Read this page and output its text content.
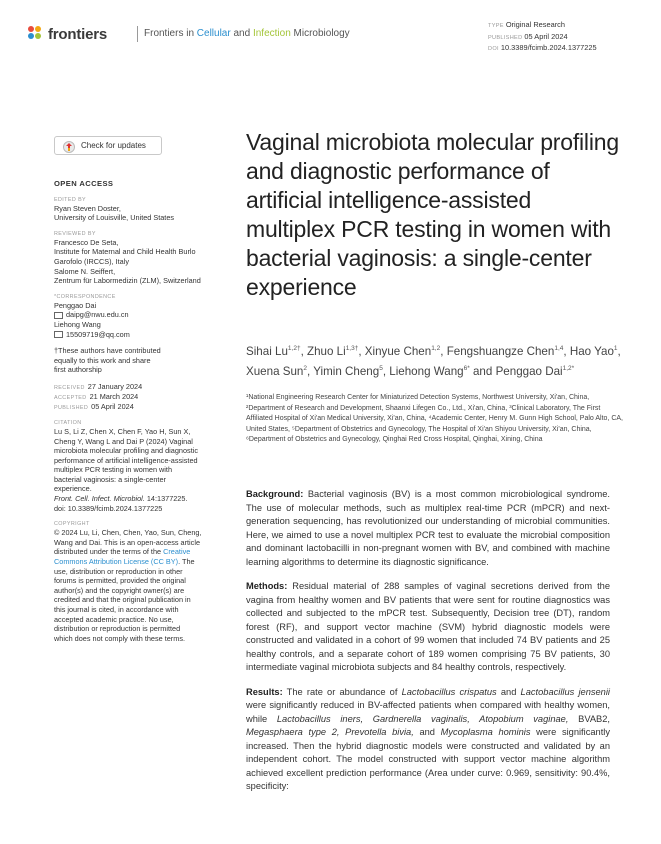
frontiers	Frontiers in Cellular and Infection Microbiology
TYPE Original Research
PUBLISHED 05 April 2024
DOI 10.3389/fcimb.2024.1377225
Check for updates
OPEN ACCESS
EDITED BY
Ryan Steven Doster,
University of Louisville, United States
REVIEWED BY
Francesco De Seta,
Institute for Maternal and Child Health Burlo
Garofolo (IRCCS), Italy
Salome N. Seiffert,
Zentrum für Labormedizin (ZLM), Switzerland
*CORRESPONDENCE
Penggao Dai
daipg@nwu.edu.cn
Liehong Wang
15509719@qq.com
†These authors have contributed
equally to this work and share
first authorship
RECEIVED 27 January 2024
ACCEPTED 21 March 2024
PUBLISHED 05 April 2024
CITATION
Lu S, Li Z, Chen X, Chen F, Yao H, Sun X,
Cheng Y, Wang L and Dai P (2024) Vaginal
microbiota molecular profiling and diagnostic
performance of artificial intelligence-assisted
multiplex PCR testing in women with
bacterial vaginosis: a single-center
experience.
Front. Cell. Infect. Microbiol. 14:1377225.
doi: 10.3389/fcimb.2024.1377225
COPYRIGHT
© 2024 Lu, Li, Chen, Chen, Yao, Sun, Cheng,
Wang and Dai. This is an open-access article
distributed under the terms of the Creative
Commons Attribution License (CC BY). The
use, distribution or reproduction in other
forums is permitted, provided the original
author(s) and the copyright owner(s) are
credited and that the original publication in
this journal is cited, in accordance with
accepted academic practice. No use,
distribution or reproduction is permitted
which does not comply with these terms.
Vaginal microbiota molecular profiling and diagnostic performance of artificial intelligence-assisted multiplex PCR testing in women with bacterial vaginosis: a single-center experience
Sihai $Lu^{1,2\dagger}$, Zhuo $Li^{1,3\dagger}$, Xinyue Chen$^{1,2}$, Fengshuangze Chen$^{1,4}$, Hao Yao$^1$, Xuena Sun$^2$, Yimin Cheng$^5$, Liehong Wang$^{6*}$ and Penggao Dai$^{1,2*}$
¹National Engineering Research Center for Miniaturized Detection Systems, Northwest University, Xi'an, China, ²Department of Research and Development, Shaanxi Lifegen Co., Ltd., Xi'an, China, ³Clinical Laboratory, The First Affiliated Hospital of Xi'an Medical University, Xi'an, China, ⁴Academic Center, Henry M. Gunn High School, Palo Alto, CA, United States, ⁵Department of Obstetrics and Gynecology, The Hospital of Xi'an Shiyou University, Xi'an, China, ⁶Department of Obstetrics and Gynecology, Qinghai Red Cross Hospital, Qinghai, Xining, China

Background: Bacterial vaginosis (BV) is a most common microbiological syndrome. The use of molecular methods, such as multiplex real-time PCR (mPCR) and next-generation sequencing, has revolutionized our understanding of microbial communities. Here, we aimed to use a novel multiplex PCR test to evaluate the microbial composition and dominant lactobacilli in non-pregnant women with BV, and combined with machine learning algorithms to determine its diagnostic significance.

Methods: Residual material of 288 samples of vaginal secretions derived from the vagina from healthy women and BV patients that were sent for routine diagnostics was collected and subjected to the mPCR test. Subsequently, Decision tree (DT), random forest (RF), and support vector machine (SVM) hybrid diagnostic models were constructed and validated in a cohort of 99 women that included 74 BV patients and 25 healthy controls, and a separate cohort of 189 women comprising 75 BV patients, 30 intermediate vaginal microbiota subjects and 84 healthy controls, respectively.

Results: The rate or abundance of Lactobacillus crispatus and Lactobacillus jensenii were significantly reduced in BV-affected patients when compared with healthy women, while Lactobacillus iners, Gardnerella vaginalis, Atopobium vaginae, BVAB2, Megasphaera type 2, Prevotella bivia, and Mycoplasma hominis were significantly increased. Then the hybrid diagnostic models were constructed and validated by an independent cohort. The model constructed with support vector machine algorithm achieved excellent prediction performance (Area under curve: 0.969, sensitivity: 90.4%, specificity:
